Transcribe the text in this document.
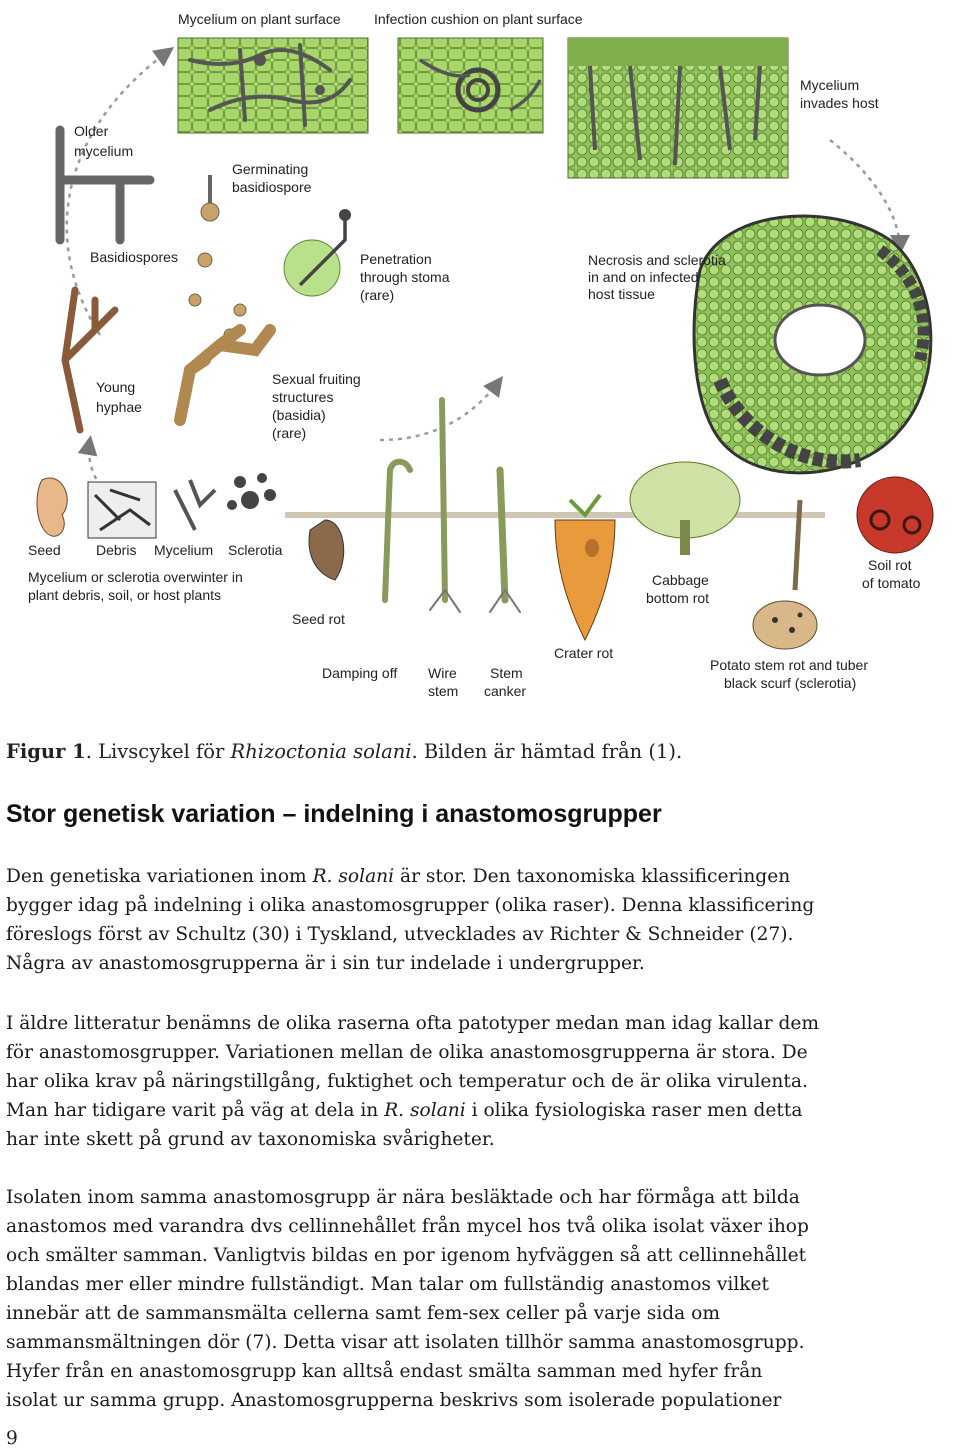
Mycelium on plant surface Infection cushion on plant surface
Mycelium
invades host
Older
mycelium
Germinating
basidiospore
Basidiospores	Penetration
through stoma
(rare)
Necrosis and sclerotia
in and on infected
host tissue
Young
hyphae
Sexual fruiting
structures
(basidia)
(rare)
Seed	Debris Mycelium Sclerotia
Mycelium or sclerotia overwinter in
plant debris, soil, or host plants
Seed rot
Cabbage
bottom rot
Soil rot
of tomato
Crater rot
Damping off Wire
stem
Stem
canker
Potato stem rot and tuber
black scurf (sclerotia)
Figur 1. Livscykel för Rhizoctonia solani. Bilden är hämtad från (1).
Stor genetisk variation – indelning i anastomosgrupper

Den genetiska variationen inom R. solani är stor. Den taxonomiska klassificeringen
bygger idag på indelning i olika anastomosgrupper (olika raser). Denna klassificering
föreslogs först av Schultz (30) i Tyskland, utvecklades av Richter & Schneider (27).
Några av anastomosgrupperna är i sin tur indelade i undergrupper.

I äldre litteratur benämns de olika raserna ofta patotyper medan man idag kallar dem
för anastomosgrupper. Variationen mellan de olika anastomosgrupperna är stora. De
har olika krav på näringstillgång, fuktighet och temperatur och de är olika virulenta.
Man har tidigare varit på väg at dela in R. solani i olika fysiologiska raser men detta
har inte skett på grund av taxonomiska svårigheter.

Isolaten inom samma anastomosgrupp är nära besläktade och har förmåga att bilda
anastomos med varandra dvs cellinnehållet från mycel hos två olika isolat växer ihop
och smälter samman. Vanligtvis bildas en por igenom hyfväggen så att cellinnehållet
blandas mer eller mindre fullständigt. Man talar om fullständig anastomos vilket
innebär att de sammansmälta cellerna samt fem-sex celler på varje sida om
sammansmältningen dör (7). Detta visar att isolaten tillhör samma anastomosgrupp.
Hyfer från en anastomosgrupp kan alltså endast smälta samman med hyfer från
isolat ur samma grupp. Anastomosgrupperna beskrivs som isolerade populationer

9
